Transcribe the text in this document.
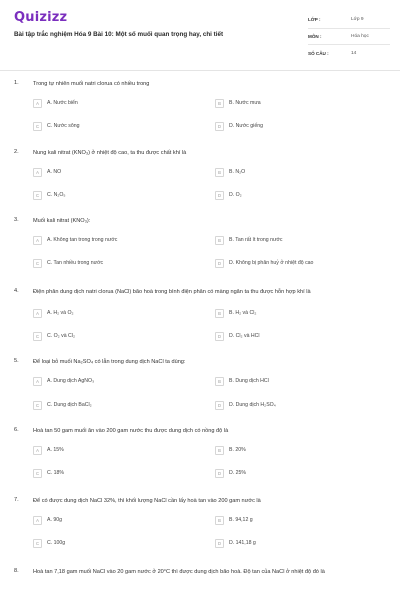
Quizizz
Bài tập trắc nghiệm Hóa 9 Bài 10: Một số muối quan trọng hay, chi tiết
LỚP :	Lớp 9
MÔN :	Hóa học
SỐ CÂU :	14
1.	Trong tự nhiên muối natri clorua có nhiều trong
A	A. Nước biển	B	B. Nước mưa
C	C. Nước sông	D	D. Nước giếng
2.	Nung kali nitrat (KNO₃) ở nhiệt độ cao, ta thu được chất khí là
A	A. NO	B	B. N₂O
C	C. N₂O₅	D	D. O₂
3.	Muối kali nitrat (KNO₃):
A	A. Không tan trong trong nước	B	B. Tan rất ít trong nước
C	C. Tan nhiều trong nước	D	D. Không bị phân huỷ ở nhiệt độ cao
4.	Điện phân dung dịch natri clorua (NaCl) bão hoà trong bình điện phân có màng ngăn ta thu được hỗn hợp khí là
A	A. H₂ và O₂	B	B. H₂ và Cl₂
C	C. O₂ và Cl₂	D	D. Cl₂ và HCl
5.	Để loại bỏ muối Na₂SO₄ có lẫn trong dung dịch NaCl ta dùng:
A	A. Dung dịch AgNO₃	B	B. Dung dịch HCl
C	C. Dung dịch BaCl₂	D	D. Dung dịch H₂SO₄
6.	Hoà tan 50 gam muối ăn vào 200 gam nước thu được dung dịch có nồng độ là
A	A. 15%	B	B. 20%
C	C. 18%	D	D. 25%
7.	Để có được dung dịch NaCl 32%, thì khối lượng NaCl cần lấy hoà tan vào 200 gam nước là
A	A. 90g	B	B. 94,12 g
C	C. 100g	D	D. 141,18 g
8.	Hoà tan 7,18 gam muối NaCl vào 20 gam nước ở 20°C thì được dung dịch bão hoà. Độ tan của NaCl ở nhiệt độ đó là
